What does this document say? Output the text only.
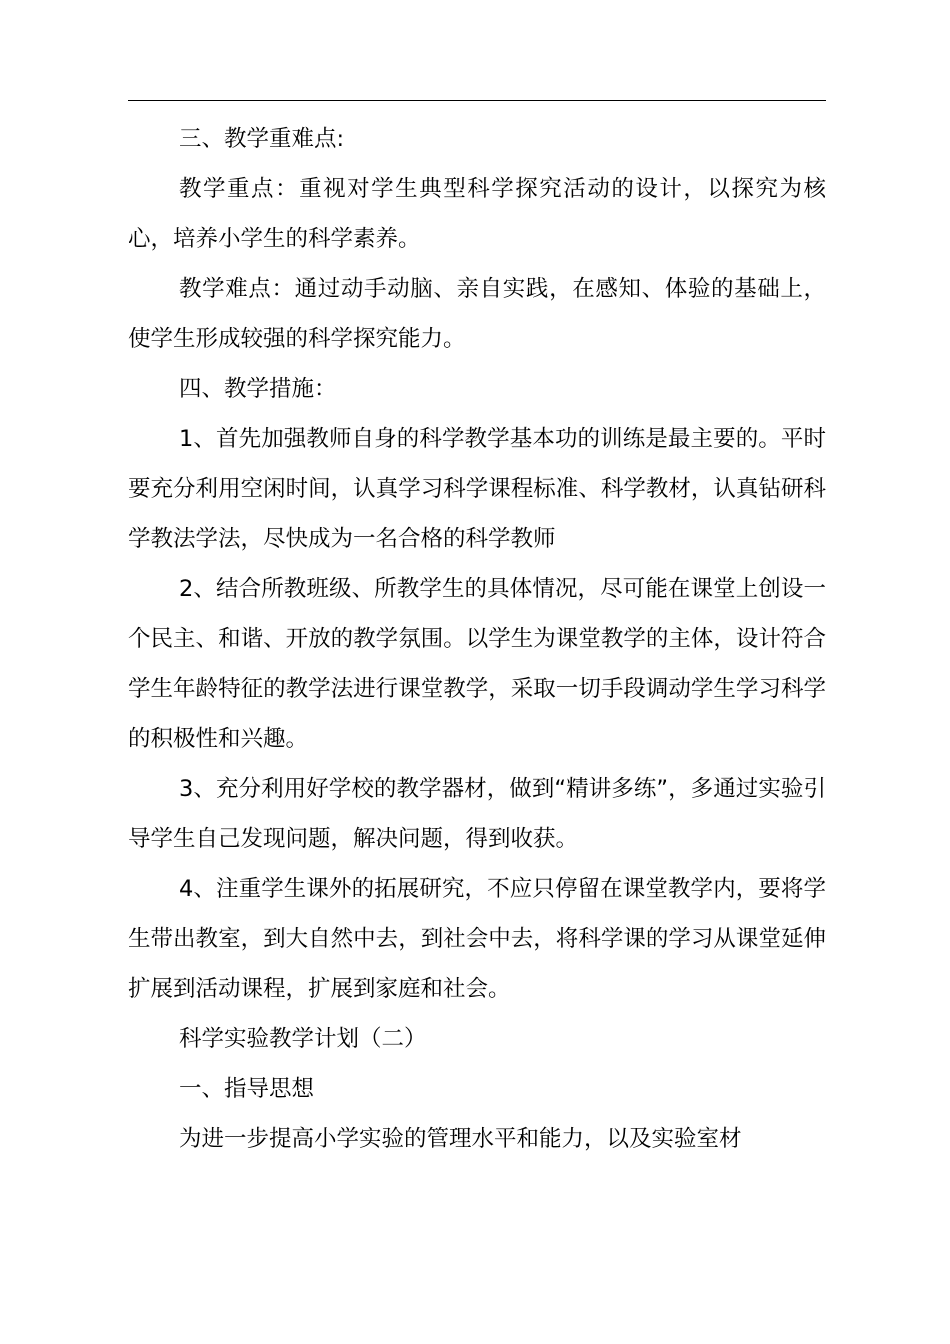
三、教学重难点:

教学重点：重视对学生典型科学探究活动的设计，以探究为核心，培养小学生的科学素养。

教学难点：通过动手动脑、亲自实践，在感知、体验的基础上，使学生形成较强的科学探究能力。

四、教学措施：

1、首先加强教师自身的科学教学基本功的训练是最主要的。平时要充分利用空闲时间，认真学习科学课程标准、科学教材，认真钻研科学教法学法，尽快成为一名合格的科学教师

2、结合所教班级、所教学生的具体情况，尽可能在课堂上创设一个民主、和谐、开放的教学氛围。以学生为课堂教学的主体，设计符合学生年龄特征的教学法进行课堂教学，采取一切手段调动学生学习科学的积极性和兴趣。

3、充分利用好学校的教学器材，做到“精讲多练”，多通过实验引导学生自己发现问题，解决问题，得到收获。

4、注重学生课外的拓展研究，不应只停留在课堂教学内，要将学生带出教室，到大自然中去，到社会中去，将科学课的学习从课堂延伸扩展到活动课程，扩展到家庭和社会。

科学实验教学计划（二）

一、指导思想

为进一步提高小学实验的管理水平和能力，以及实验室材
